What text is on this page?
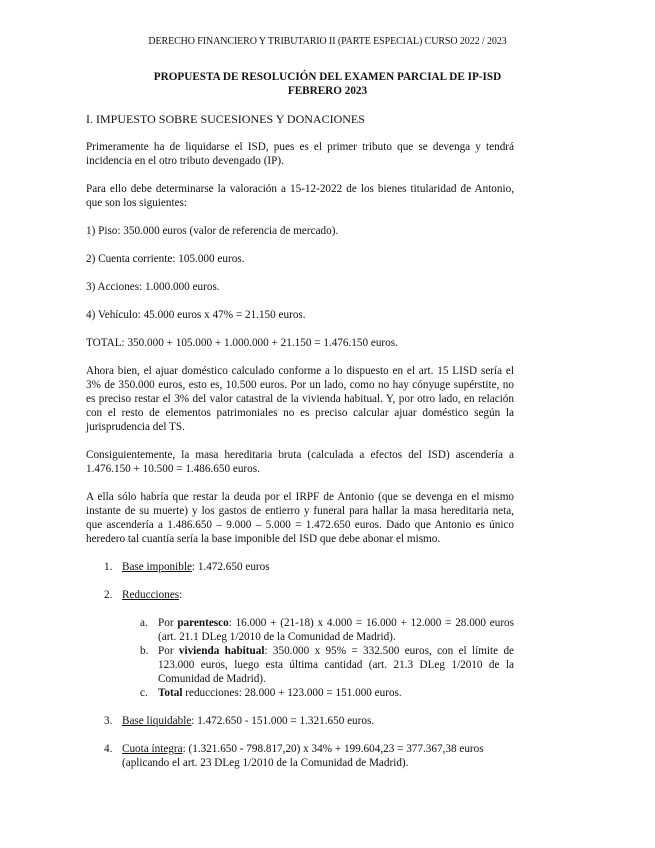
DERECHO FINANCIERO Y TRIBUTARIO II (PARTE ESPECIAL) CURSO 2022 / 2023
PROPUESTA DE RESOLUCIÓN DEL EXAMEN PARCIAL DE IP-ISD
FEBRERO 2023
I. IMPUESTO SOBRE SUCESIONES Y DONACIONES

Primeramente ha de liquidarse el ISD, pues es el primer tributo que se devenga y tendrá incidencia en el otro tributo devengado (IP).

Para ello debe determinarse la valoración a 15-12-2022 de los bienes titularidad de Antonio, que son los siguientes:

1) Piso: 350.000 euros (valor de referencia de mercado).

2) Cuenta corriente: 105.000 euros.

3) Acciones: 1.000.000 euros.

4) Vehículo: 45.000 euros x 47% = 21.150 euros.

TOTAL: 350.000 + 105.000 + 1.000.000 + 21.150 = 1.476.150 euros.

Ahora bien, el ajuar doméstico calculado conforme a lo dispuesto en el art. 15 LISD sería el 3% de 350.000 euros, esto es, 10.500 euros. Por un lado, como no hay cónyuge supérstite, no es preciso restar el 3% del valor catastral de la vivienda habitual. Y, por otro lado, en relación con el resto de elementos patrimoniales no es preciso calcular ajuar doméstico según la jurisprudencia del TS.

Consiguientemente, la masa hereditaria bruta (calculada a efectos del ISD) ascendería a 1.476.150 + 10.500 = 1.486.650 euros.

A ella sólo habría que restar la deuda por el IRPF de Antonio (que se devenga en el mismo instante de su muerte) y los gastos de entierro y funeral para hallar la masa hereditaria neta, que ascendería a 1.486.650 – 9.000 – 5.000 = 1.472.650 euros. Dado que Antonio es único heredero tal cuantía sería la base imponible del ISD que debe abonar el mismo.

1. Base imponible: 1.472.650 euros
2. Reducciones:
a. Por parentesco: 16.000 + (21-18) x 4.000 = 16.000 + 12.000 = 28.000 euros (art. 21.1 DLeg 1/2010 de la Comunidad de Madrid).
b. Por vivienda habitual: 350.000 x 95% = 332.500 euros, con el límite de 123.000 euros, luego esta última cantidad (art. 21.3 DLeg 1/2010 de la Comunidad de Madrid).
c. Total reducciones: 28.000 + 123.000 = 151.000 euros.
3. Base liquidable: 1.472.650 - 151.000 = 1.321.650 euros.
4. Cuota íntegra: (1.321.650 - 798.817,20) x 34% + 199.604,23 = 377.367,38 euros (aplicando el art. 23 DLeg 1/2010 de la Comunidad de Madrid).
